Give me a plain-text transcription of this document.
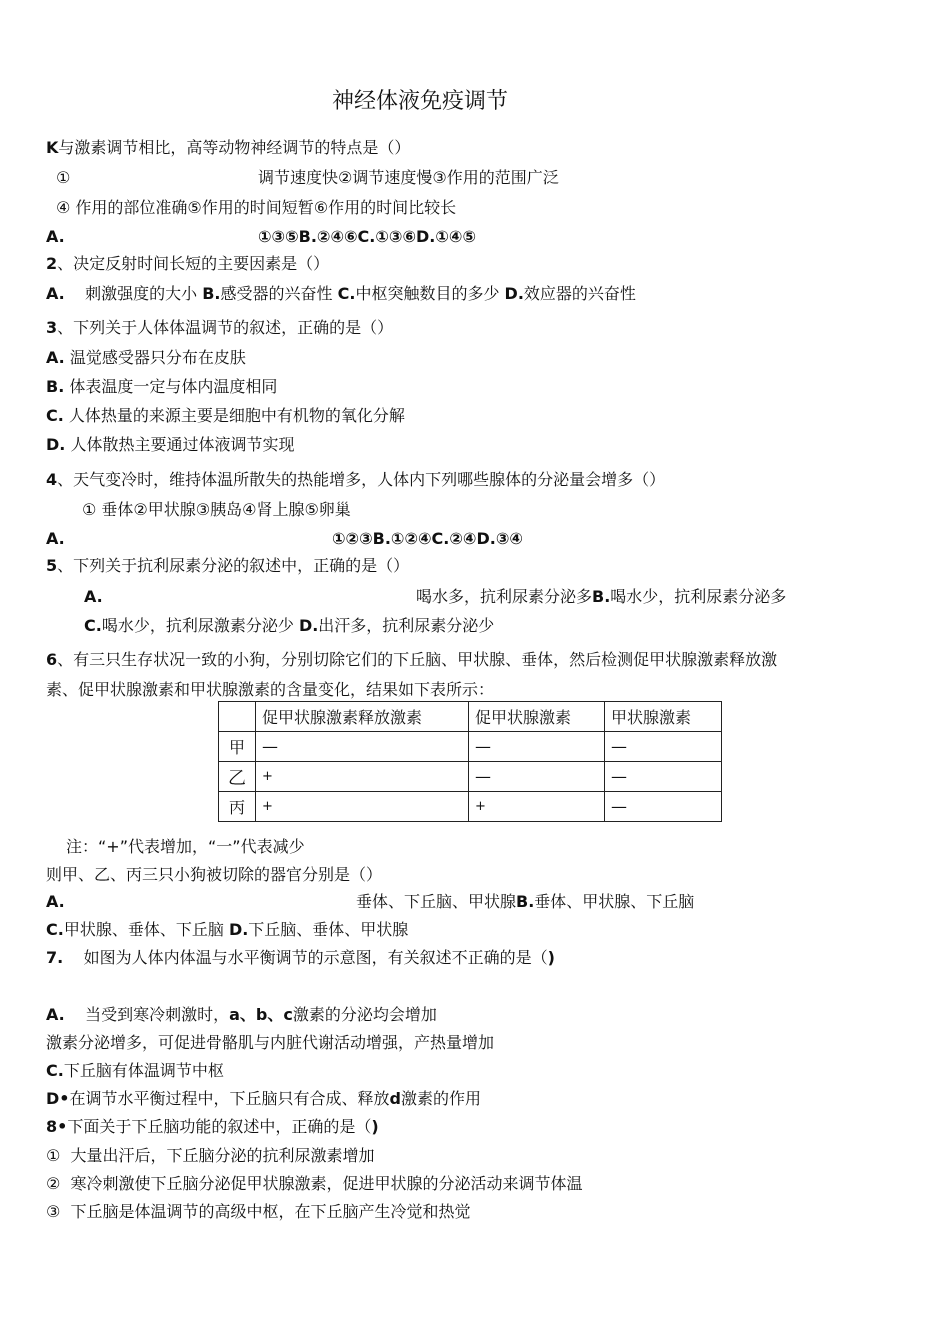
神经体液免疫调节
K与激素调节相比，高等动物神经调节的特点是（）
①	调节速度快②调节速度慢③作用的范围广泛
④ 作用的部位准确⑤作用的时间短暂⑥作用的时间比较长
A.	①③⑤B.②④⑥C.①③⑥D.①④⑤
2、决定反射时间长短的主要因素是（）
A. 刺激强度的大小 B.感受器的兴奋性 C.中枢突触数目的多少 D.效应器的兴奋性
3、下列关于人体体温调节的叙述，正确的是（）
A. 温觉感受器只分布在皮肤
B. 体表温度一定与体内温度相同
C. 人体热量的来源主要是细胞中有机物的氧化分解
D. 人体散热主要通过体液调节实现
4、天气变冷时，维持体温所散失的热能增多，人体内下列哪些腺体的分泌量会增多（）
① 垂体②甲状腺③胰岛④肾上腺⑤卵巢
A.	①②③B.①②④C.②④D.③④
5、下列关于抗利尿素分泌的叙述中，正确的是（）
A.	喝水多，抗利尿素分泌多B.喝水少，抗利尿素分泌多
C.喝水少，抗利尿激素分泌少 D.出汗多，抗利尿素分泌少
6、有三只生存状况一致的小狗，分别切除它们的下丘脑、甲状腺、垂体，然后检测促甲状腺激素释放激
素、促甲状腺激素和甲状腺激素的含量变化，结果如下表所示：
	促甲状腺激素释放激素	促甲状腺激素	甲状腺激素
甲	—	—	—
乙	+	—	—
丙	+	+	—
注：“+”代表增加，“一”代表减少
则甲、乙、丙三只小狗被切除的器官分别是（）
A.	垂体、下丘脑、甲状腺B.垂体、甲状腺、下丘脑
C.甲状腺、垂体、下丘脑 D.下丘脑、垂体、甲状腺
7. 如图为人体内体温与水平衡调节的示意图，有关叙述不正确的是（)
A. 当受到寒冷刺激时，a、b、c激素的分泌均会增加
激素分泌增多，可促进骨骼肌与内脏代谢活动增强，产热量增加
C.下丘脑有体温调节中枢
D•在调节水平衡过程中，下丘脑只有合成、释放d激素的作用
8•下面关于下丘脑功能的叙述中，正确的是（)
①  大量出汗后，下丘脑分泌的抗利尿激素增加
②  寒冷刺激使下丘脑分泌促甲状腺激素，促进甲状腺的分泌活动来调节体温
③  下丘脑是体温调节的高级中枢，在下丘脑产生冷觉和热觉
